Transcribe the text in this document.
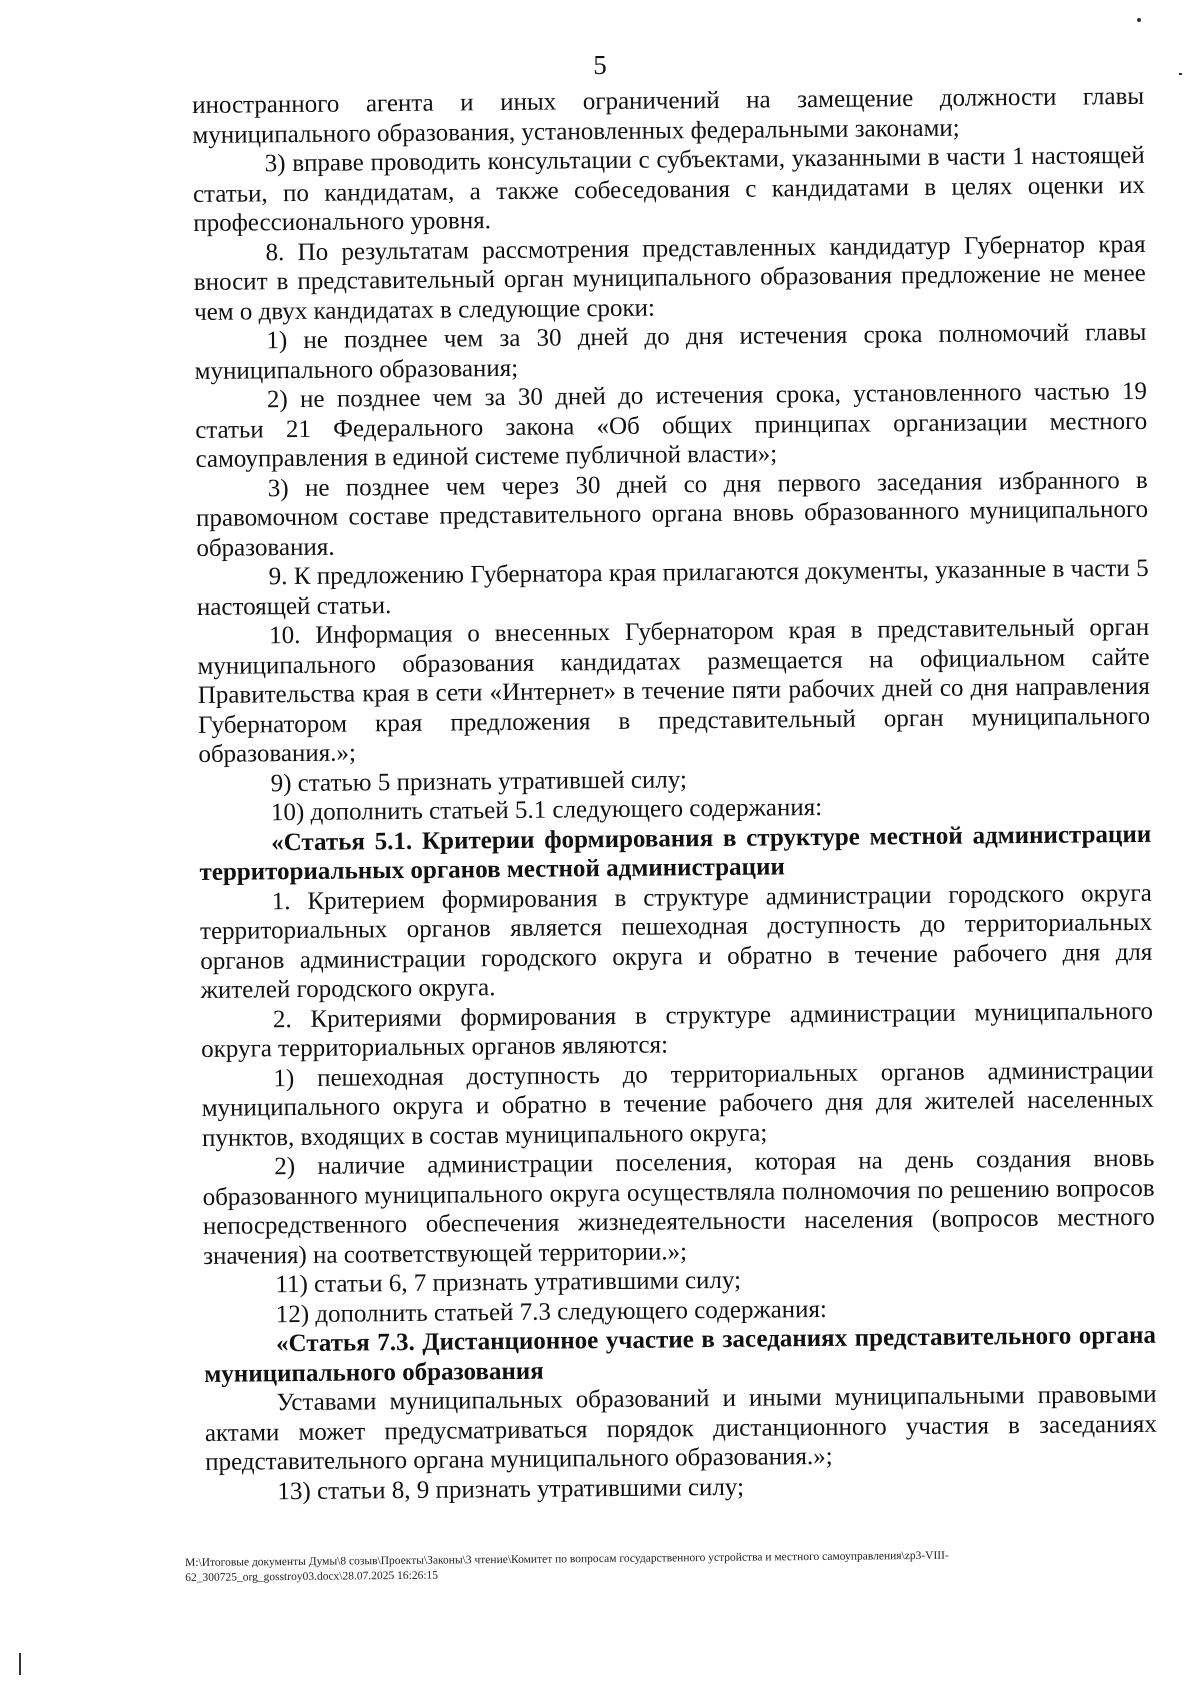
5

иностранного агента и иных ограничений на замещение должности главы муниципального образования, установленных федеральными законами;

3) вправе проводить консультации с субъектами, указанными в части 1 настоящей статьи, по кандидатам, а также собеседования с кандидатами в целях оценки их профессионального уровня.

8. По результатам рассмотрения представленных кандидатур Губернатор края вносит в представительный орган муниципального образования предложение не менее чем о двух кандидатах в следующие сроки:

1) не позднее чем за 30 дней до дня истечения срока полномочий главы муниципального образования;

2) не позднее чем за 30 дней до истечения срока, установленного частью 19 статьи 21 Федерального закона «Об общих принципах организации местного самоуправления в единой системе публичной власти»;

3) не позднее чем через 30 дней со дня первого заседания избранного в правомочном составе представительного органа вновь образованного муниципального образования.

9. К предложению Губернатора края прилагаются документы, указанные в части 5 настоящей статьи.

10. Информация о внесенных Губернатором края в представительный орган муниципального образования кандидатах размещается на официальном сайте Правительства края в сети «Интернет» в течение пяти рабочих дней со дня направления Губернатором края предложения в представительный орган муниципального образования.»;

9) статью 5 признать утратившей силу;

10) дополнить статьей 5.1 следующего содержания:

«Статья 5.1. Критерии формирования в структуре местной администрации территориальных органов местной администрации

1. Критерием формирования в структуре администрации городского округа территориальных органов является пешеходная доступность до территориальных органов администрации городского округа и обратно в течение рабочего дня для жителей городского округа.

2. Критериями формирования в структуре администрации муниципального округа территориальных органов являются:

1) пешеходная доступность до территориальных органов администрации муниципального округа и обратно в течение рабочего дня для жителей населенных пунктов, входящих в состав муниципального округа;

2) наличие администрации поселения, которая на день создания вновь образованного муниципального округа осуществляла полномочия по решению вопросов непосредственного обеспечения жизнедеятельности населения (вопросов местного значения) на соответствующей территории.»;

11) статьи 6, 7 признать утратившими силу;

12) дополнить статьей 7.3 следующего содержания:

«Статья 7.3. Дистанционное участие в заседаниях представительного органа муниципального образования

Уставами муниципальных образований и иными муниципальными правовыми актами может предусматриваться порядок дистанционного участия в заседаниях представительного органа муниципального образования.»;

13) статьи 8, 9 признать утратившими силу;

M:\Итоговые документы Думы\8 созыв\Проекты\Законы\3 чтение\Комитет по вопросам государственного устройства и местного самоуправления\zp3-VIII-62_300725_org_gosstroy03.docx\28.07.2025 16:26:15
